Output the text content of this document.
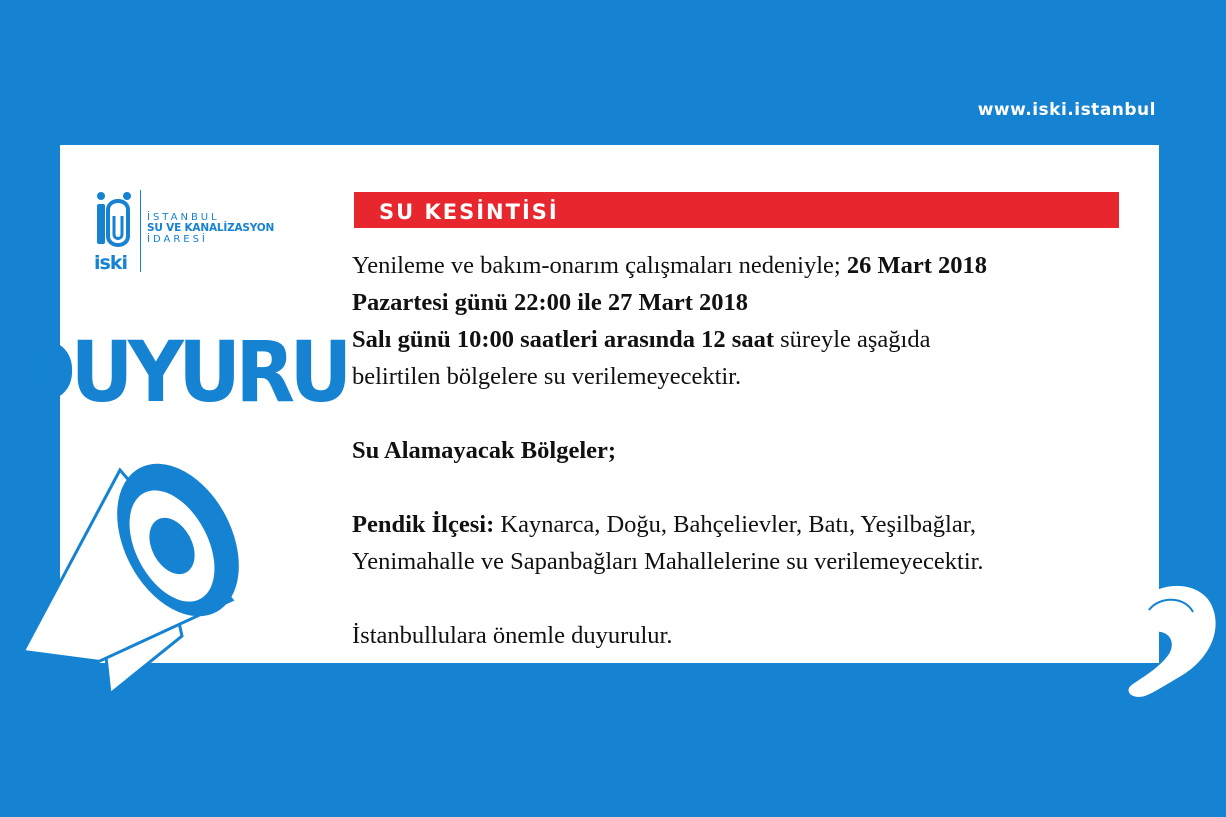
www.iski.istanbul
DUYURU
iski
İSTANBUL
SU VE KANALİZASYON
İDARESİ
SU KESİNTİSİ

Yenileme ve bakım-onarım çalışmaları nedeniyle; 26 Mart 2018

Pazartesi günü 22:00 ile 27 Mart 2018

Salı günü 10:00 saatleri arasında 12 saat süreyle aşağıda

belirtilen bölgelere su verilemeyecektir.

Su Alamayacak Bölgeler;

Pendik İlçesi: Kaynarca, Doğu, Bahçelievler, Batı, Yeşilbağlar,

Yenimahalle ve Sapanbağları Mahallelerine su verilemeyecektir.

İstanbullulara önemle duyurulur.
